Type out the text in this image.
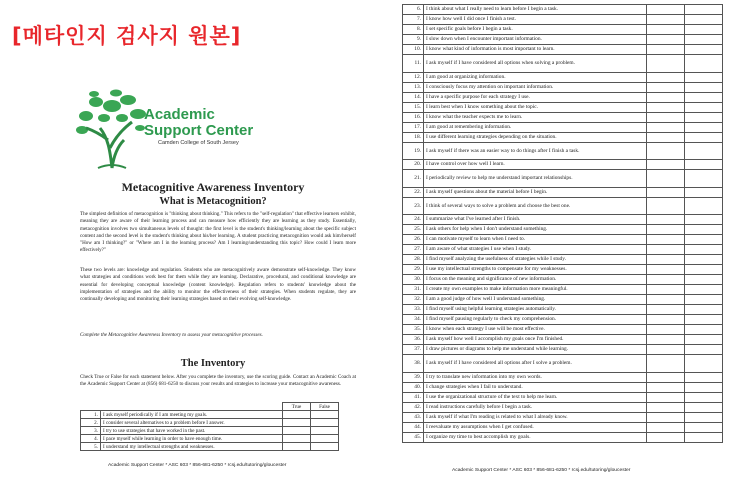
[메타인지 검사지 원본]
Academic
Support Center
Camden College of South Jersey
Metacognitive Awareness Inventory
What is Metacognition?
The simplest definition of metacognition is "thinking about thinking." This refers to the "self-regulation" that effective learners exhibit, meaning they are aware of their learning process and can measure how efficiently they are learning as they study. Essentially, metacognition involves two simultaneous levels of thought: the first level is the student's thinking/learning about the specific subject content and the second level is the student's thinking about his/her learning. A student practicing metacognition would ask him/herself "How am I thinking?" or "Where am I in the learning process? Am I learning/understanding this topic? How could I learn more effectively?"
These two levels are: knowledge and regulation. Students who are metacognitively aware demonstrate self-knowledge. They know what strategies and conditions work best for them while they are learning. Declarative, procedural, and conditional knowledge are essential for developing conceptual knowledge (content knowledge). Regulation refers to students' knowledge about the implementation of strategies and the ability to monitor the effectiveness of their strategies. When students regulate, they are continually developing and monitoring their learning strategies based on their evolving self-knowledge.
Complete the Metacognitive Awareness Inventory to assess your metacognitive processes.
The Inventory
Check True or False for each statement below. After you complete the inventory, use the scoring guide. Contact an Academic Coach at the Academic Support Center at (856) 681-6250 to discuss your results and strategies to increase your metacognitive awareness.
		True	False
1.	I ask myself periodically if I am meeting my goals.		
2.	I consider several alternatives to a problem before I answer.		
3.	I try to use strategies that have worked in the past.		
4.	I pace myself while learning in order to have enough time.		
5.	I understand my intellectual strengths and weaknesses.		
6.	I think about what I really need to learn before I begin a task.		
7.	I know how well I did once I finish a test.		
8.	I set specific goals before I begin a task.		
9.	I slow down when I encounter important information.		
10.	I know what kind of information is most important to learn.		
11.	I ask myself if I have considered all options when solving a problem.		
12.	I am good at organizing information.		
13.	I consciously focus my attention on important information.		
14.	I have a specific purpose for each strategy I use.		
15.	I learn best when I know something about the topic.		
16.	I know what the teacher expects me to learn.		
17.	I am good at remembering information.		
18.	I use different learning strategies depending on the situation.		
19.	I ask myself if there was an easier way to do things after I finish a task.		
20.	I have control over how well I learn.		
21.	I periodically review to help me understand important relationships.		
22.	I ask myself questions about the material before I begin.		
23.	I think of several ways to solve a problem and choose the best one.		
24.	I summarize what I've learned after I finish.		
25.	I ask others for help when I don't understand something.		
26.	I can motivate myself to learn when I need to.		
27.	I am aware of what strategies I use when I study.		
28.	I find myself analyzing the usefulness of strategies while I study.		
29.	I use my intellectual strengths to compensate for my weaknesses.		
30.	I focus on the meaning and significance of new information.		
31.	I create my own examples to make information more meaningful.		
32.	I am a good judge of how well I understand something.		
33.	I find myself using helpful learning strategies automatically.		
34.	I find myself pausing regularly to check my comprehension.		
35.	I know when each strategy I use will be most effective.		
36.	I ask myself how well I accomplish my goals once I'm finished.		
37.	I draw pictures or diagrams to help me understand while learning.		
38.	I ask myself if I have considered all options after I solve a problem.		
39.	I try to translate new information into my own words.		
40.	I change strategies when I fail to understand.		
41.	I use the organizational structure of the text to help me learn.		
42.	I read instructions carefully before I begin a task.		
43.	I ask myself if what I'm reading is related to what I already know.		
44.	I reevaluate my assumptions when I get confused.		
45.	I organize my time to best accomplish my goals.		
Academic Support Center * ASC 603 * 856-681-6250 * rcsj.edu/tutoring/gloucester
Academic Support Center * ASC 603 * 856-681-6250 * rcsj.edu/tutoring/gloucester
